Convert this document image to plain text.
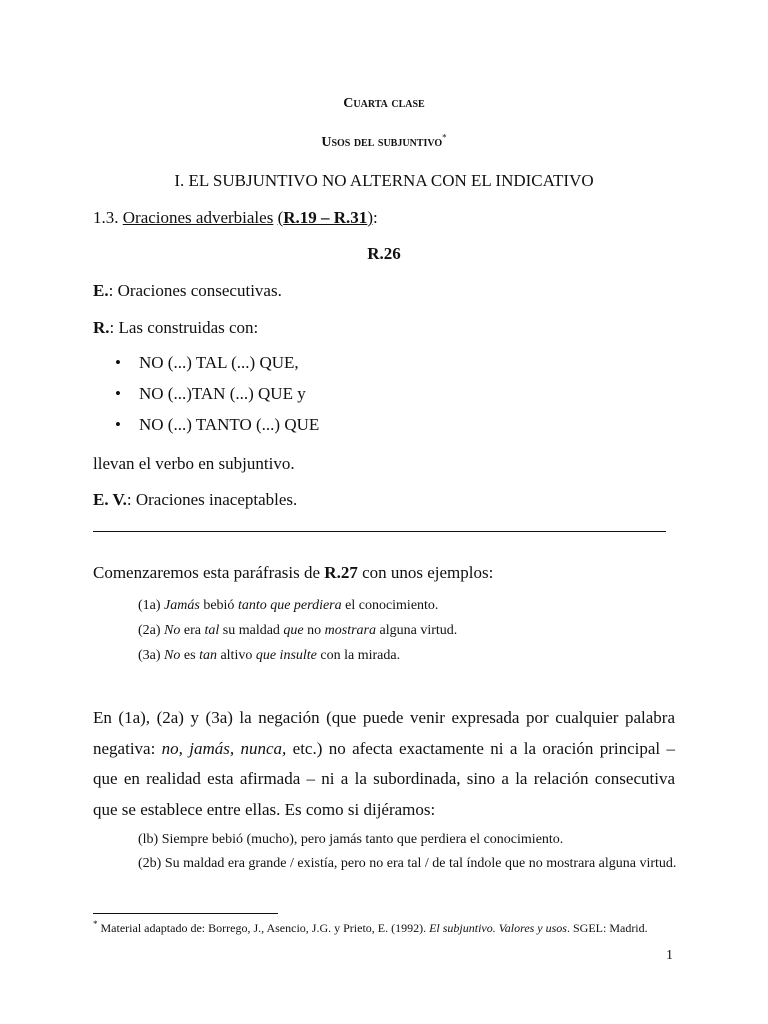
Cuarta clase
Usos del subjuntivo*
I. EL SUBJUNTIVO NO ALTERNA CON EL INDICATIVO
1.3. Oraciones adverbiales (R.19 – R.31):
R.26
E.: Oraciones consecutivas.
R.: Las construidas con:
• NO (...) TAL (...) QUE,
• NO (...)TAN (...) QUE y
• NO (...) TANTO (...) QUE
llevan el verbo en subjuntivo.
E. V.: Oraciones inaceptables.
Comenzaremos esta paráfrasis de R.27 con unos ejemplos:
(1a) Jamás bebió tanto que perdiera el conocimiento.
(2a) No era tal su maldad que no mostrara alguna virtud.
(3a) No es tan altivo que insulte con la mirada.
En (1a), (2a) y (3a) la negación (que puede venir expresada por cualquier palabra negativa: no, jamás, nunca, etc.) no afecta exactamente ni a la oración principal – que en realidad esta afirmada – ni a la subordinada, sino a la relación consecutiva que se establece entre ellas. Es como si dijéramos:
(lb) Siempre bebió (mucho), pero jamás tanto que perdiera el conocimiento.
(2b) Su maldad era grande / existía, pero no era tal / de tal índole que no mostrara alguna virtud.
* Material adaptado de: Borrego, J., Asencio, J.G. y Prieto, E. (1992). El subjuntivo. Valores y usos. SGEL: Madrid.
1
